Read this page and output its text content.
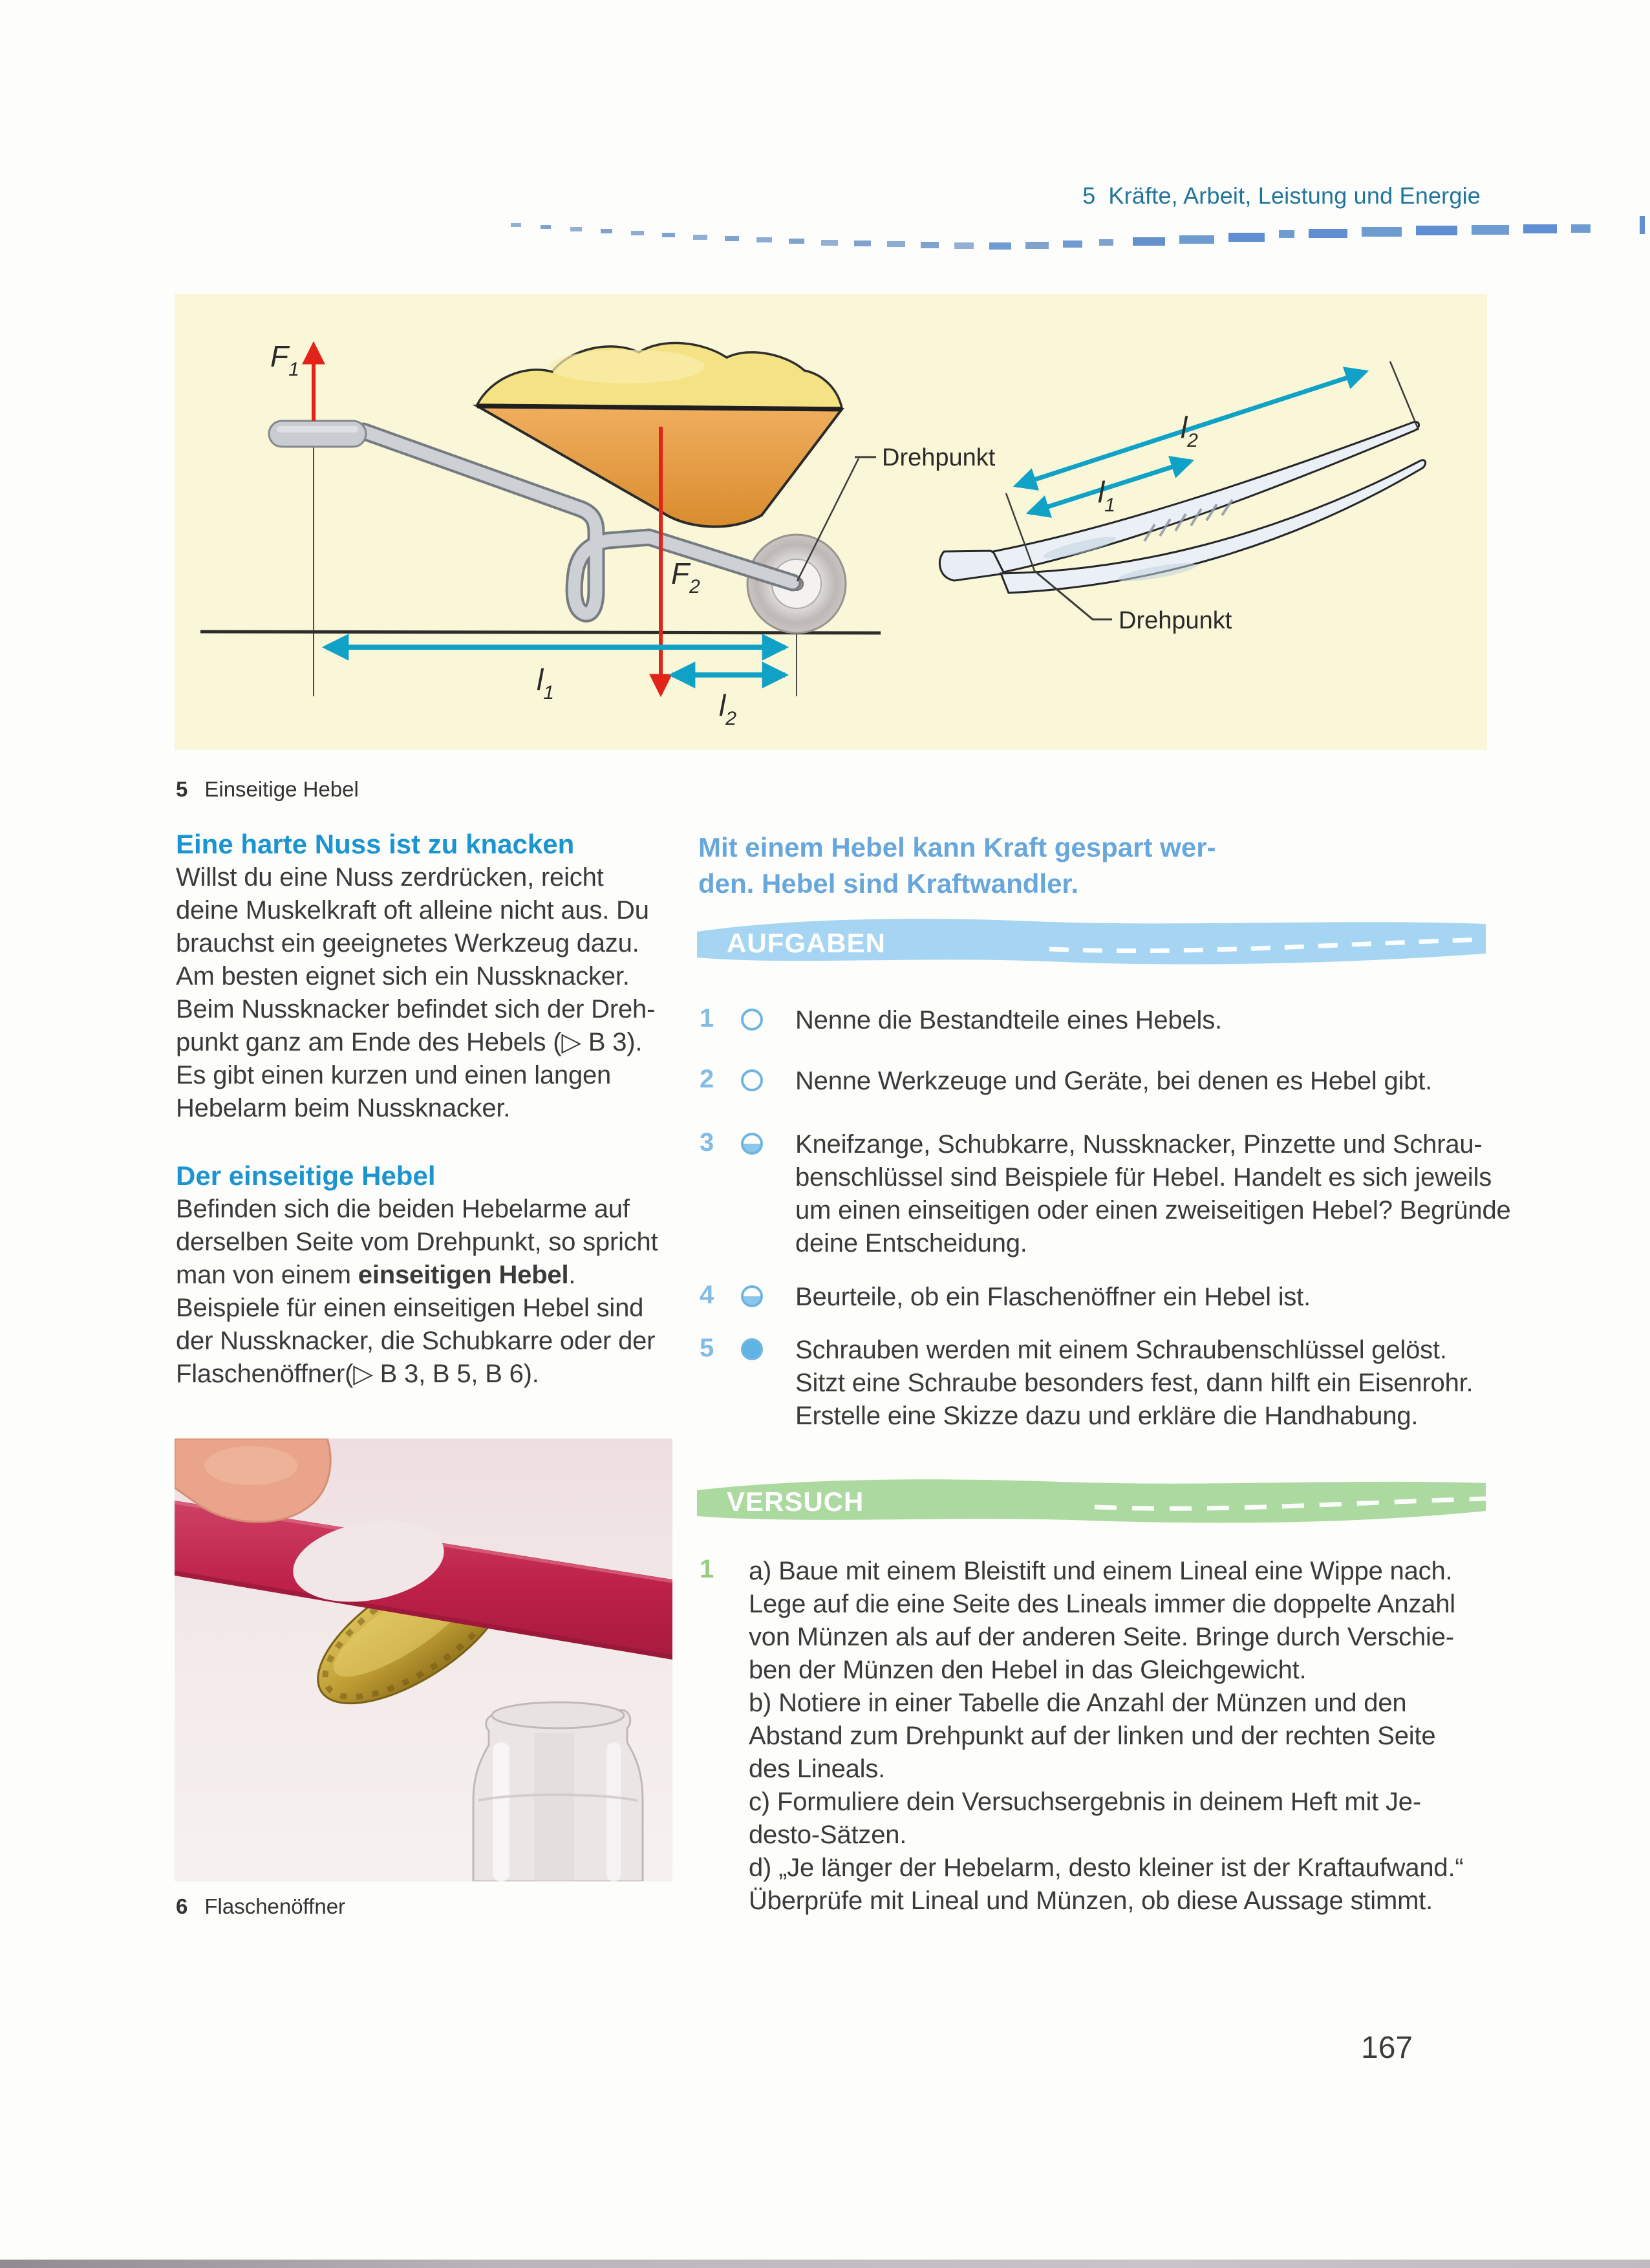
5 Kräfte, Arbeit, Leistung und Energie
$F_1$
$F_2$
$l_1$	$l_2$
Drehpunkt
$l_2$
$l_1$
Drehpunkt
5 Einseitige Hebel
Eine harte Nuss ist zu knacken
Willst du eine Nuss zerdrücken, reicht
deine Muskelkraft oft alleine nicht aus. Du
brauchst ein geeignetes Werkzeug dazu.
Am besten eignet sich ein Nussknacker.
Beim Nussknacker befindet sich der Dreh-
punkt ganz am Ende des Hebels (▷ B 3).
Es gibt einen kurzen und einen langen
Hebelarm beim Nussknacker.
Der einseitige Hebel
Befinden sich die beiden Hebelarme auf
derselben Seite vom Drehpunkt, so spricht
man von einem einseitigen Hebel.
Beispiele für einen einseitigen Hebel sind
der Nussknacker, die Schubkarre oder der
Flaschenöffner(▷ B 3, B 5, B 6).
6 Flaschenöffner
Mit einem Hebel kann Kraft gespart wer-
den. Hebel sind Kraftwandler.
AUFGABEN
1	Nenne die Bestandteile eines Hebels.
2	Nenne Werkzeuge und Geräte, bei denen es Hebel gibt.
3	Kneifzange, Schubkarre, Nussknacker, Pinzette und Schrau-
benschlüssel sind Beispiele für Hebel. Handelt es sich jeweils
um einen einseitigen oder einen zweiseitigen Hebel? Begründe
deine Entscheidung.
4	Beurteile, ob ein Flaschenöffner ein Hebel ist.
5	Schrauben werden mit einem Schraubenschlüssel gelöst.
Sitzt eine Schraube besonders fest, dann hilft ein Eisenrohr.
Erstelle eine Skizze dazu und erkläre die Handhabung.
VERSUCH
1	a) Baue mit einem Bleistift und einem Lineal eine Wippe nach.
Lege auf die eine Seite des Lineals immer die doppelte Anzahl
von Münzen als auf der anderen Seite. Bringe durch Verschie-
ben der Münzen den Hebel in das Gleichgewicht.
b) Notiere in einer Tabelle die Anzahl der Münzen und den
Abstand zum Drehpunkt auf der linken und der rechten Seite
des Lineals.
c) Formuliere dein Versuchsergebnis in deinem Heft mit Je-
desto-Sätzen.
d) „Je länger der Hebelarm, desto kleiner ist der Kraftaufwand.“
Überprüfe mit Lineal und Münzen, ob diese Aussage stimmt.
167
